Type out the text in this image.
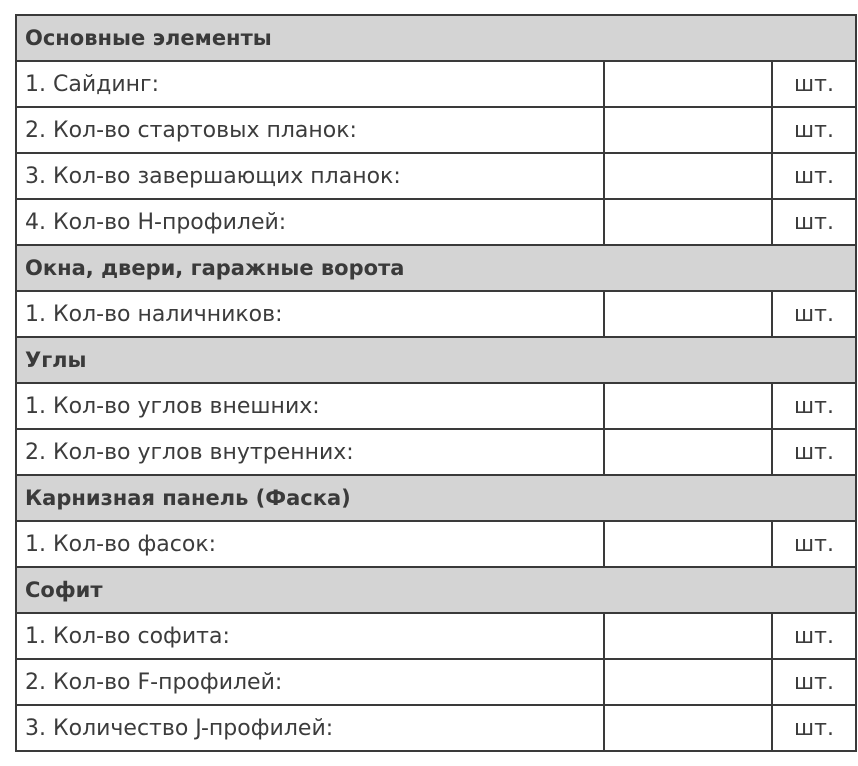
Основные элементы		
1. Сайдинг:		шт.
2. Кол-во стартовых планок:		шт.
3. Кол-во завершающих планок:		шт.
4. Кол-во H-профилей:		шт.
Окна, двери, гаражные ворота		
1. Кол-во наличников:		шт.
Углы		
1. Кол-во углов внешних:		шт.
2. Кол-во углов внутренних:		шт.
Карнизная панель (Фаска)		
1. Кол-во фасок:		шт.
Софит		
1. Кол-во софита:		шт.
2. Кол-во F-профилей:		шт.
3. Количество J-профилей:		шт.
